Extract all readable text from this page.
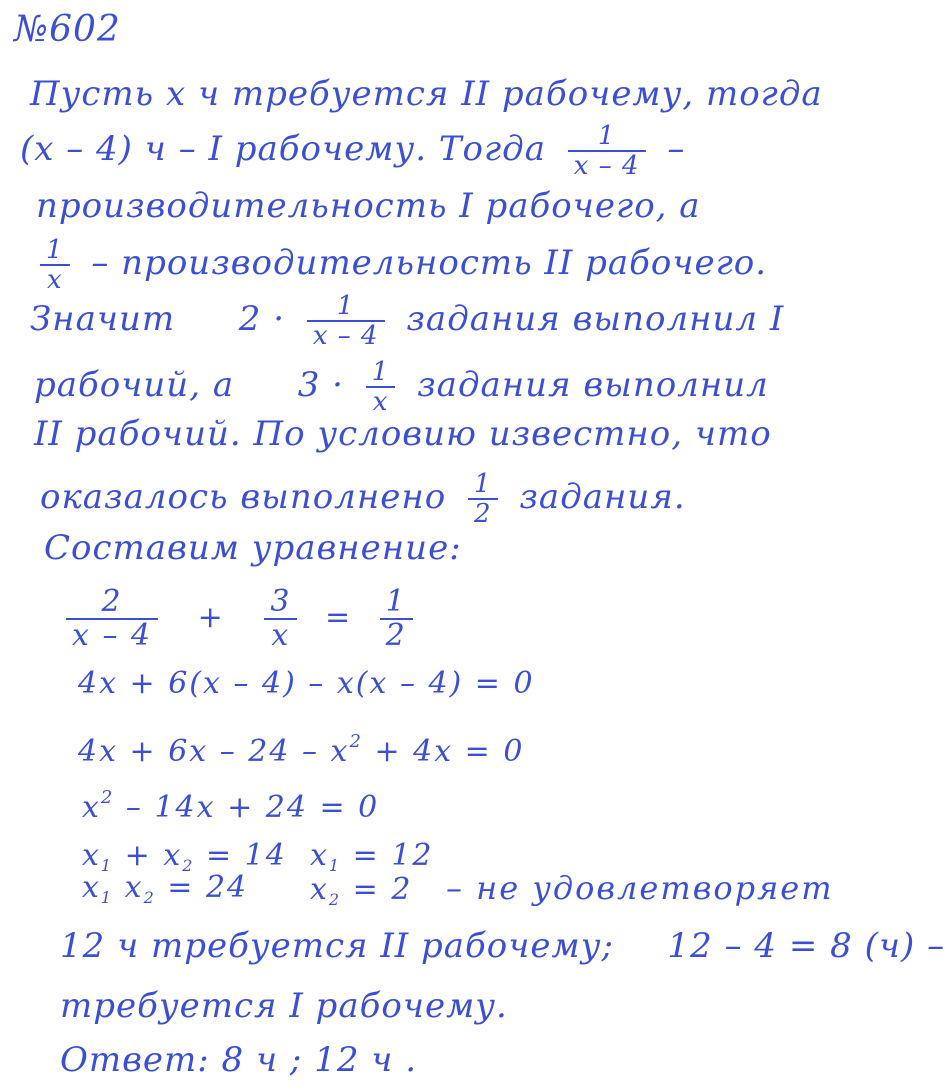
№602
Пусть x ч требуется II рабочему, тогда
(x – 4) ч – I рабочему. Тогда $\frac{1}{x - 4}$ –
производительность I рабочего, а
$\frac{1}{x}$ – производительность II рабочего.
Значит $2 \cdot \frac{1}{x - 4}$ задания выполнил I
рабочий, а $3 \cdot \frac{1}{x}$ задания выполнил
II рабочий. По условию известно, что
оказалось выполнено $\frac{1}{2}$ задания.
Составим уравнение:
$\frac{2}{x - 4} + \frac{3}{x} = \frac{1}{2}$
4x + 6(x – 4) – x(x – 4) = 0
$4x + 6x - 24 - x^2 + 4x = 0$
$x^2 - 14x + 24 = 0$
$x_1 + x_2 = 14$ $x_1 = 12$
$x_1$ $x_2 = 24$ $x_2 = 2$ – не удовлетворяет
12 ч требуется II рабочему; 12 – 4 = 8 (ч) –
требуется I рабочему.
Ответ: 8 ч ; 12 ч .
